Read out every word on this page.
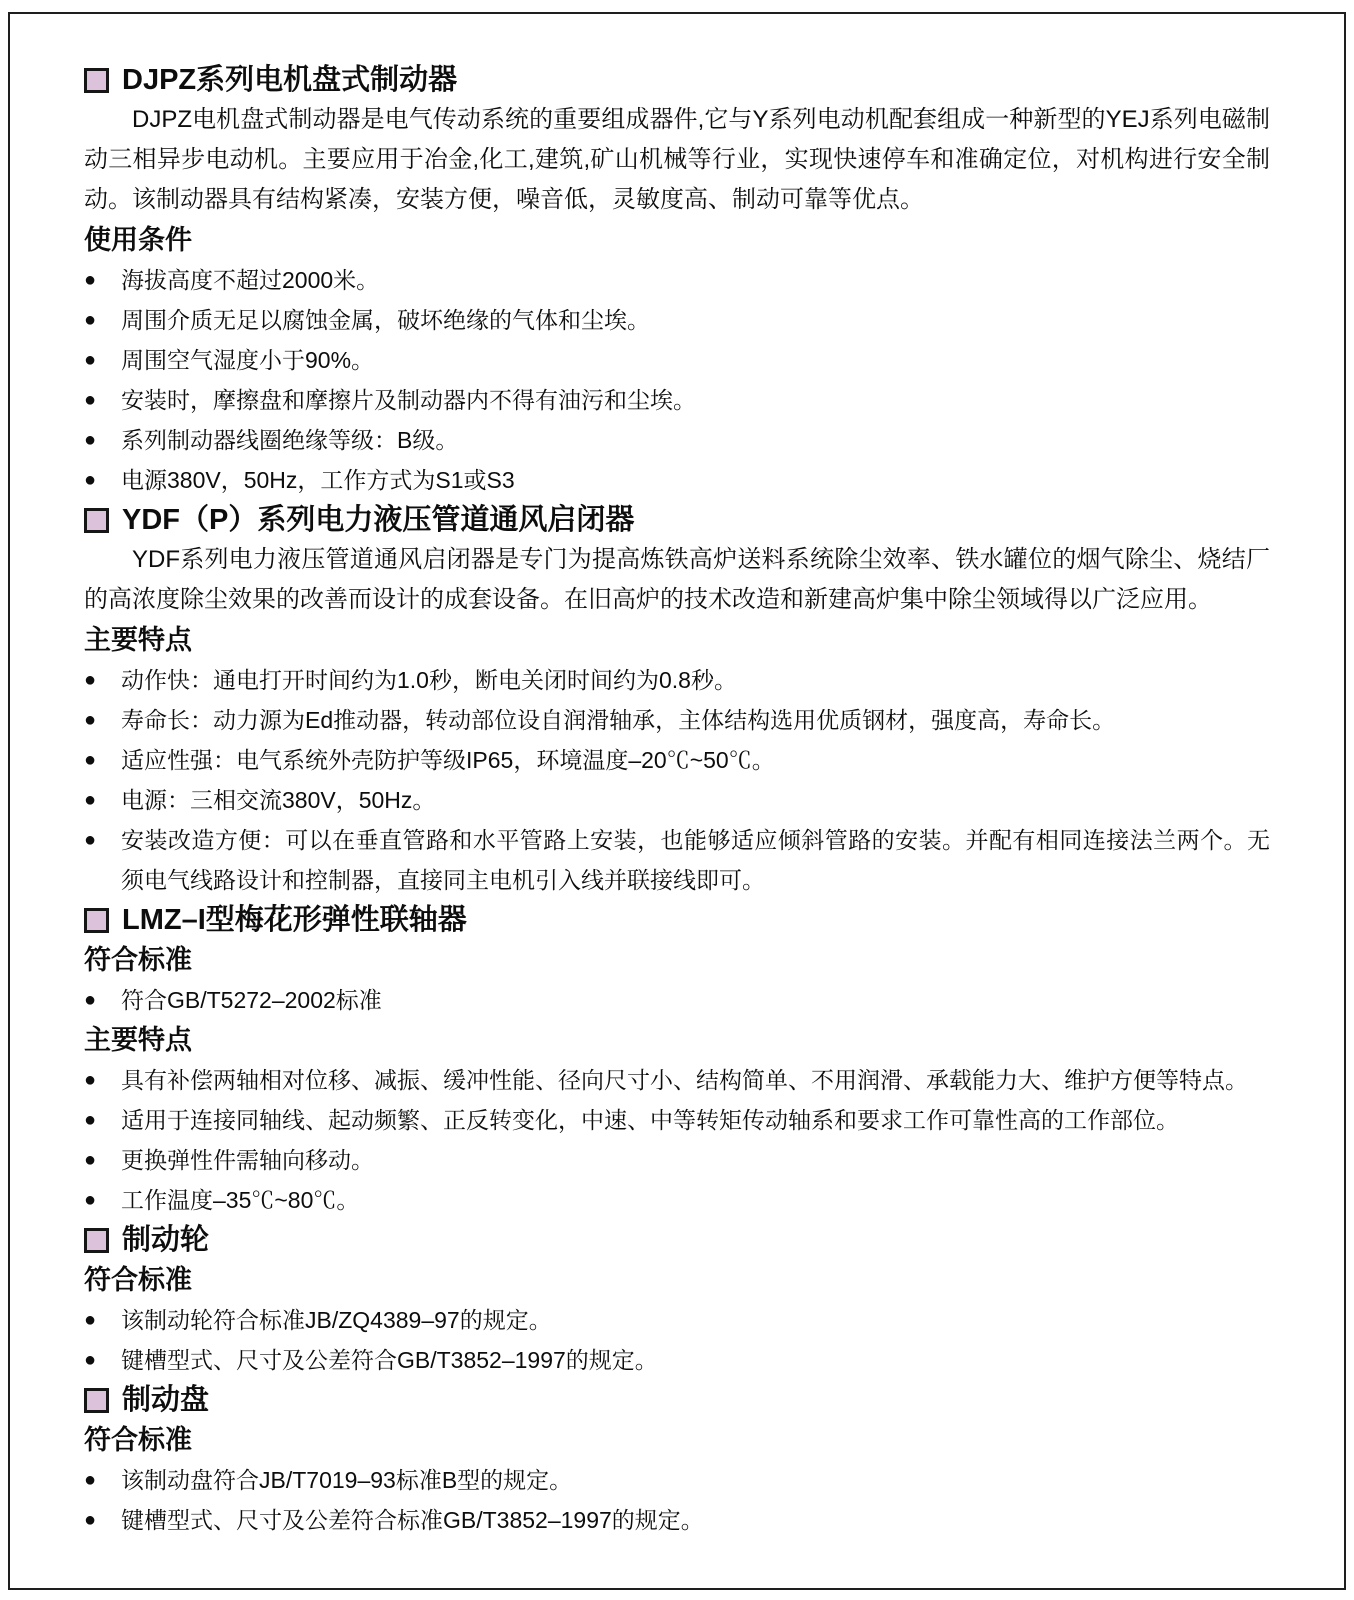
DJPZ系列电机盘式制动器

DJPZ电机盘式制动器是电气传动系统的重要组成器件,它与Y系列电动机配套组成一种新型的YEJ系列电磁制动三相异步电动机。主要应用于冶金,化工,建筑,矿山机械等行业，实现快速停车和准确定位，对机构进行安全制动。该制动器具有结构紧凑，安装方便，噪音低，灵敏度高、制动可靠等优点。

使用条件
●	海拔高度不超过2000米。
●	周围介质无足以腐蚀金属，破坏绝缘的气体和尘埃。
●	周围空气湿度小于90%。
●	安装时，摩擦盘和摩擦片及制动器内不得有油污和尘埃。
●	系列制动器线圈绝缘等级：B级。
●	电源380V，50Hz，工作方式为S1或S3
YDF（P）系列电力液压管道通风启闭器

YDF系列电力液压管道通风启闭器是专门为提高炼铁高炉送料系统除尘效率、铁水罐位的烟气除尘、烧结厂的高浓度除尘效果的改善而设计的成套设备。在旧高炉的技术改造和新建高炉集中除尘领域得以广泛应用。

主要特点
●	动作快：通电打开时间约为1.0秒，断电关闭时间约为0.8秒。
●	寿命长：动力源为Ed推动器，转动部位设自润滑轴承，主体结构选用优质钢材，强度高，寿命长。
●	适应性强：电气系统外壳防护等级IP65，环境温度–20℃~50℃。
●	电源：三相交流380V，50Hz。
●	安装改造方便：可以在垂直管路和水平管路上安装，也能够适应倾斜管路的安装。并配有相同连接法兰两个。无须电气线路设计和控制器，直接同主电机引入线并联接线即可。
LMZ–I型梅花形弹性联轴器
符合标准
●	符合GB/T5272–2002标准
主要特点
●	具有补偿两轴相对位移、减振、缓冲性能、径向尺寸小、结构简单、不用润滑、承载能力大、维护方便等特点。
●	适用于连接同轴线、起动频繁、正反转变化，中速、中等转矩传动轴系和要求工作可靠性高的工作部位。
●	更换弹性件需轴向移动。
●	工作温度–35℃~80℃。
制动轮
符合标准
●	该制动轮符合标准JB/ZQ4389–97的规定。
●	键槽型式、尺寸及公差符合GB/T3852–1997的规定。
制动盘
符合标准
●	该制动盘符合JB/T7019–93标准B型的规定。
●	键槽型式、尺寸及公差符合标准GB/T3852–1997的规定。
